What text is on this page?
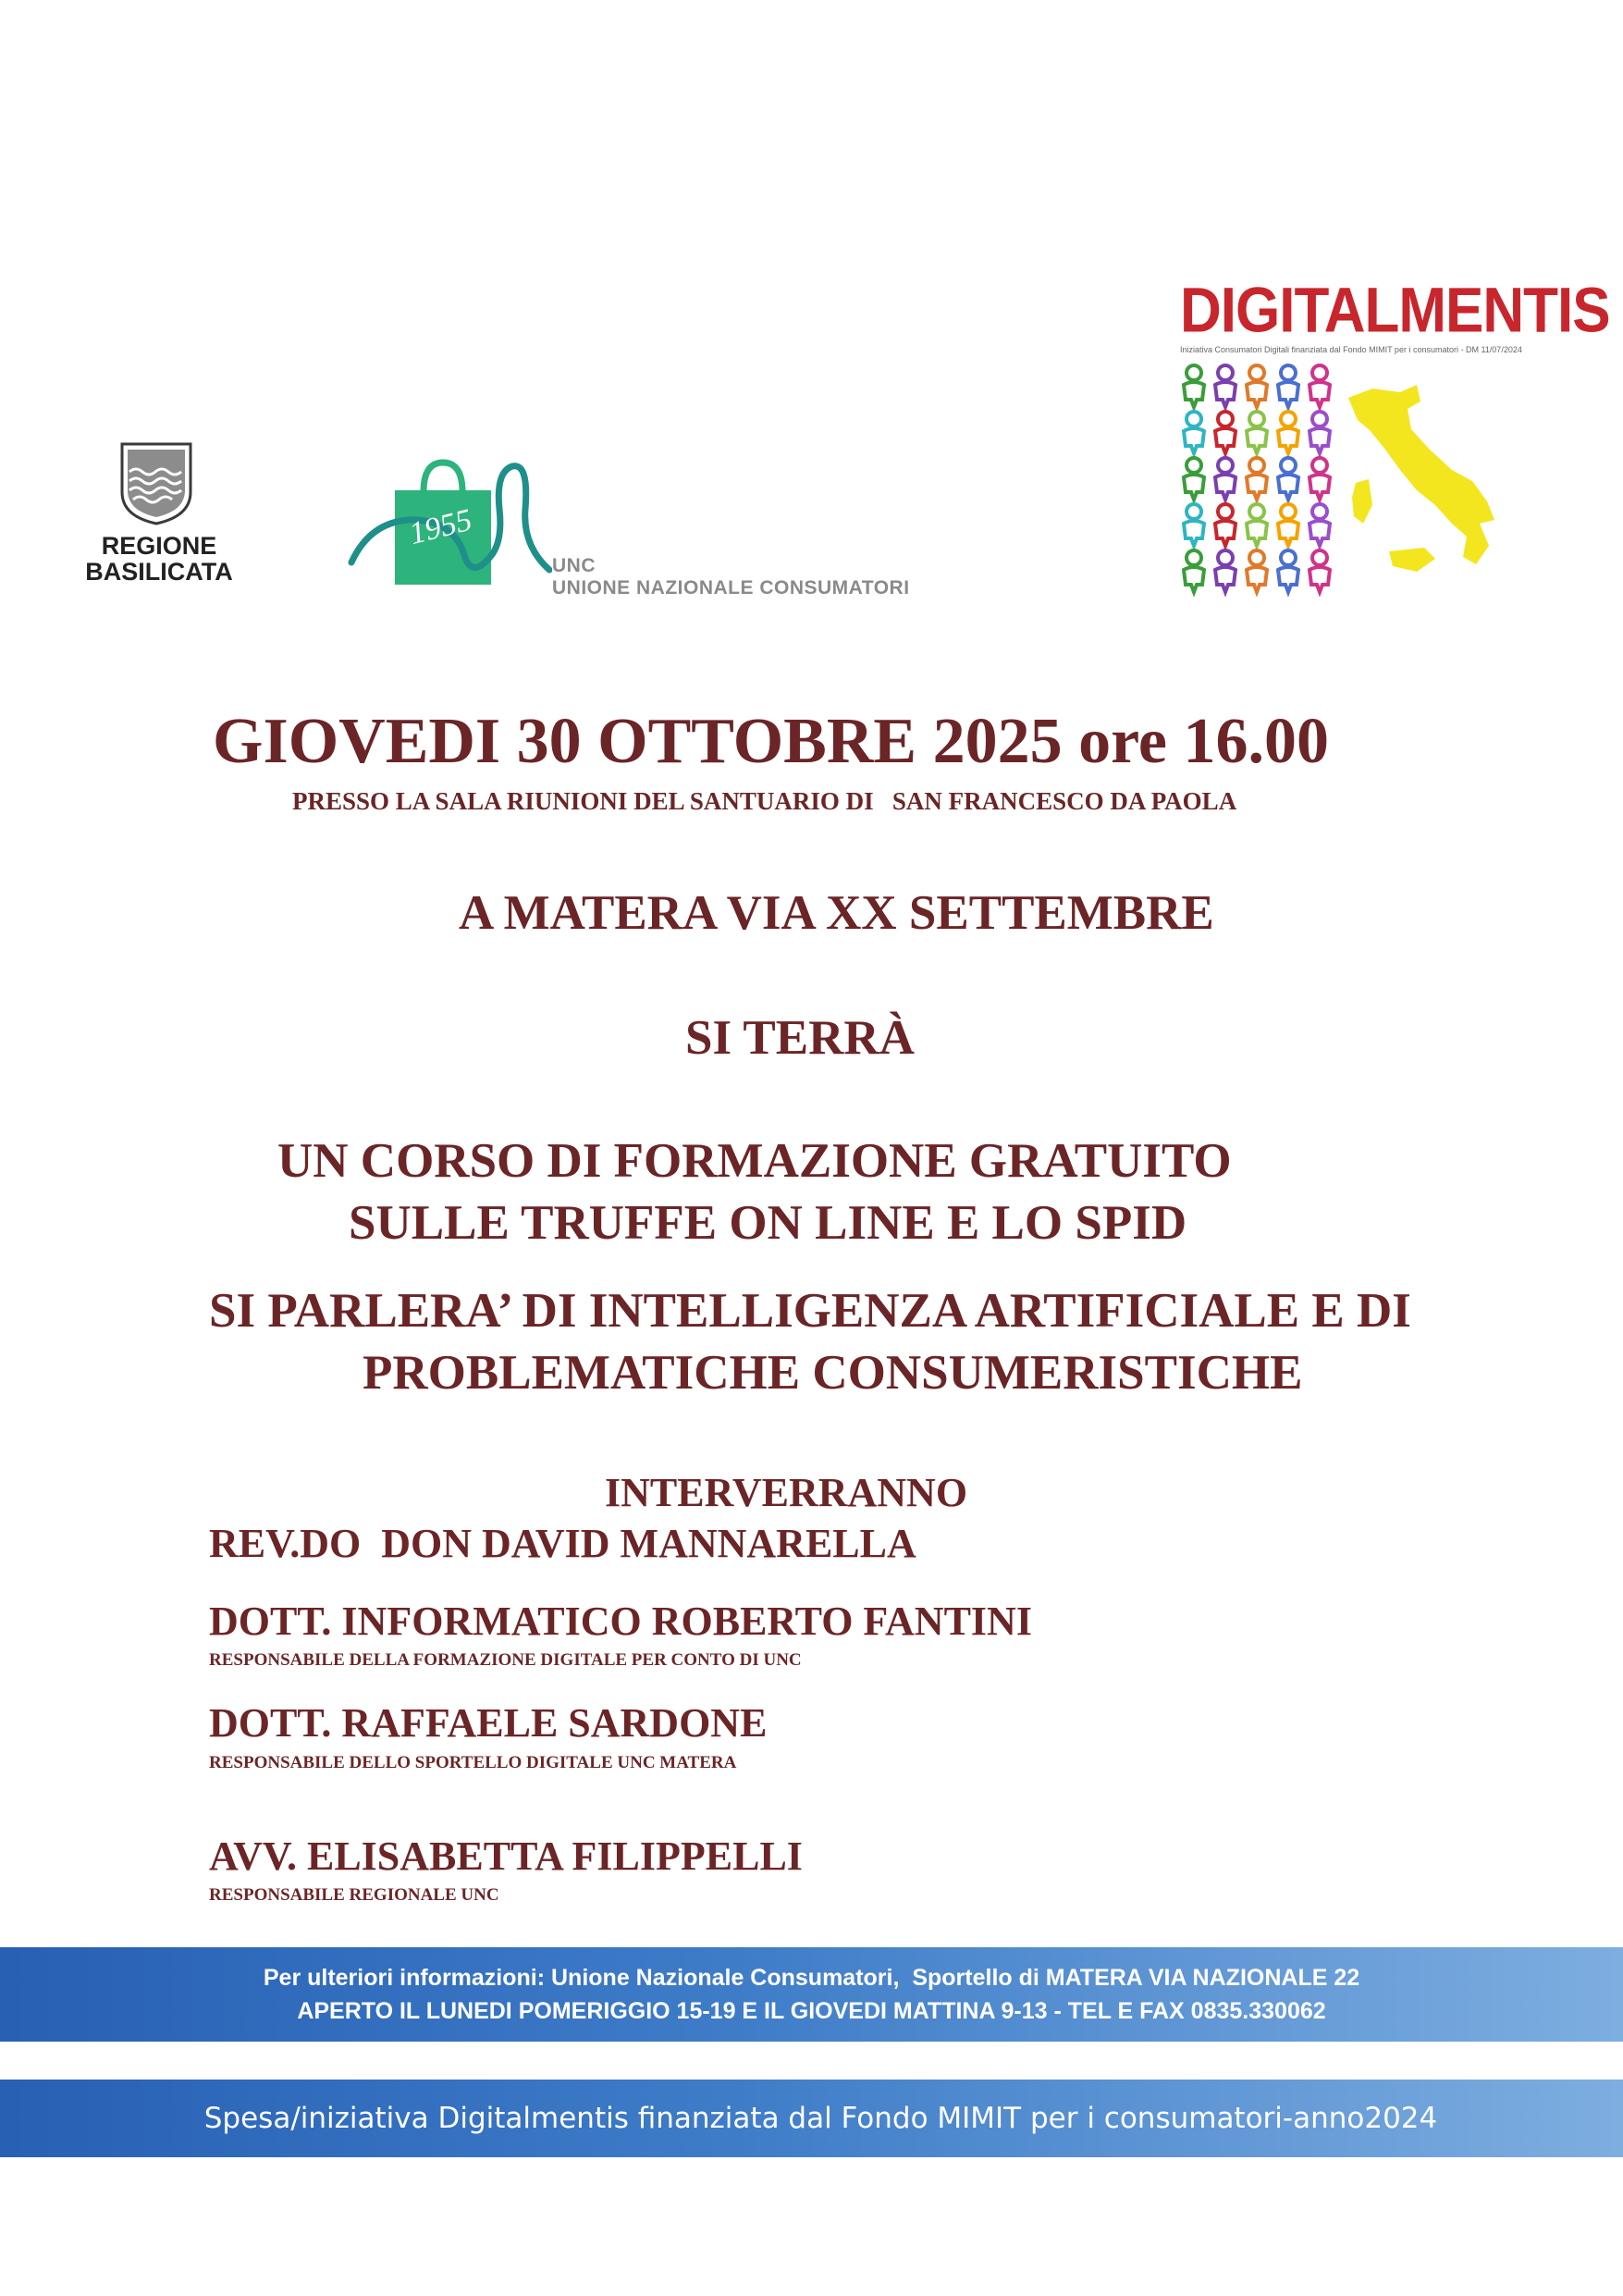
REGIONE
BASILICATA
1955
UNC
UNIONE NAZIONALE CONSUMATORI
DIGITALMENTIS
Iniziativa Consumatori Digitali finanziata dal Fondo MIMIT per i consumatori - DM 11/07/2024
GIOVEDI 30 OTTOBRE 2025 ore 16.00
PRESSO LA SALA RIUNIONI DEL SANTUARIO DI   SAN FRANCESCO DA PAOLA
A MATERA VIA XX SETTEMBRE
SI TERRÀ
UN CORSO DI FORMAZIONE GRATUITO
SULLE TRUFFE ON LINE E LO SPID
SI PARLERA’ DI INTELLIGENZA ARTIFICIALE E DI
PROBLEMATICHE CONSUMERISTICHE
INTERVERRANNO
REV.DO  DON DAVID MANNARELLA
DOTT. INFORMATICO ROBERTO FANTINI
RESPONSABILE DELLA FORMAZIONE DIGITALE PER CONTO DI UNC
DOTT. RAFFAELE SARDONE
RESPONSABILE DELLO SPORTELLO DIGITALE UNC MATERA
AVV. ELISABETTA FILIPPELLI
RESPONSABILE REGIONALE UNC
Per ulteriori informazioni: Unione Nazionale Consumatori,  Sportello di MATERA VIA NAZIONALE 22
APERTO IL LUNEDI POMERIGGIO 15-19 E IL GIOVEDI MATTINA 9-13 - TEL E FAX 0835.330062
Spesa/iniziativa Digitalmentis finanziata dal Fondo MIMIT per i consumatori-anno2024
